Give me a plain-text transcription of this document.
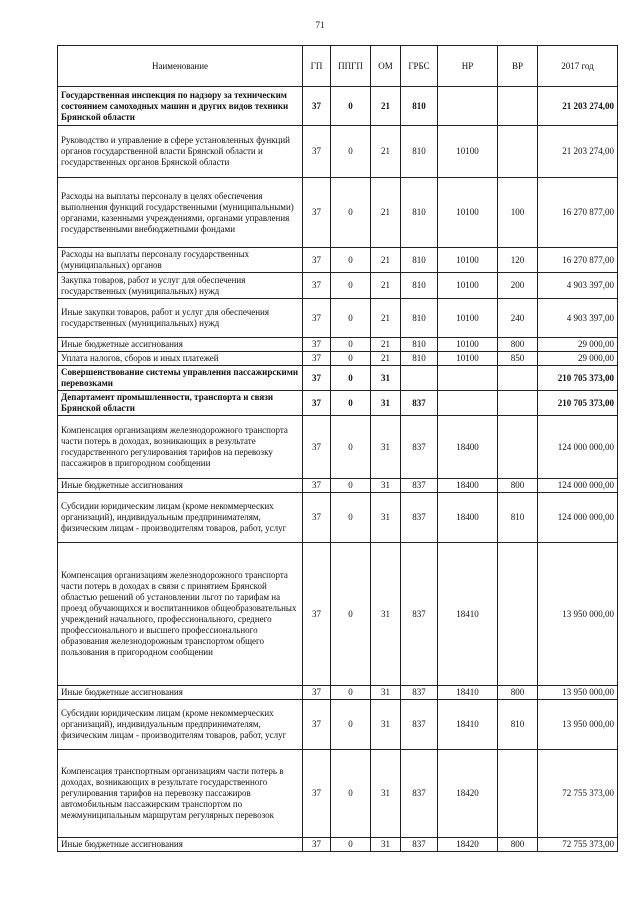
71
Наименование	ГП	ППГП	ОМ	ГРБС	НР	ВР	2017 год
Государственная инспекция по надзору за техническим состоянием самоходных машин и других видов техники Брянской области	37	0	21	810			21 203 274,00
Руководство и управление в сфере установленных функций органов государственной власти Брянской области и государственных органов Брянской области	37	0	21	810	10100		21 203 274,00
Расходы на выплаты персоналу в целях обеспечения выполнения функций государственными (муниципальными) органами, казенными учреждениями, органами управления государственными внебюджетными фондами	37	0	21	810	10100	100	16 270 877,00
Расходы на выплаты персоналу государственных (муниципальных) органов	37	0	21	810	10100	120	16 270 877,00
Закупка товаров, работ и услуг для обеспечения государственных (муниципальных) нужд	37	0	21	810	10100	200	4 903 397,00
Иные закупки товаров, работ и услуг для обеспечения государственных (муниципальных) нужд	37	0	21	810	10100	240	4 903 397,00
Иные бюджетные ассигнования	37	0	21	810	10100	800	29 000,00
Уплата налогов, сборов и иных платежей	37	0	21	810	10100	850	29 000,00
Совершенствование системы управления пассажирскими перевозками	37	0	31				210 705 373,00
Департамент промышленности, транспорта и связи Брянской области	37	0	31	837			210 705 373,00
Компенсация организациям железнодорожного транспорта части потерь в доходах, возникающих в результате государственного регулирования тарифов на перевозку пассажиров в пригородном сообщении	37	0	31	837	18400		124 000 000,00
Иные бюджетные ассигнования	37	0	31	837	18400	800	124 000 000,00
Субсидии юридическим лицам (кроме некоммерческих организаций), индивидуальным предпринимателям, физическим лицам - производителям товаров, работ, услуг	37	0	31	837	18400	810	124 000 000,00
Компенсация организациям железнодорожного транспорта части потерь в доходах в связи с принятием Брянской областью решений об установлении льгот по тарифам на проезд обучающихся и воспитанников общеобразовательных учреждений начального, профессионального, среднего профессионального и высшего профессионального образования железнодорожным транспортом общего пользования в пригородном сообщении	37	0	31	837	18410		13 950 000,00
Иные бюджетные ассигнования	37	0	31	837	18410	800	13 950 000,00
Субсидии юридическим лицам (кроме некоммерческих организаций), индивидуальным предпринимателям, физическим лицам - производителям товаров, работ, услуг	37	0	31	837	18410	810	13 950 000,00
Компенсация транспортным организациям части потерь в доходах, возникающих в результате государственного регулирования тарифов на перевозку пассажиров автомобильным пассажирским транспортом по межмуниципальным маршрутам регулярных перевозок	37	0	31	837	18420		72 755 373,00
Иные бюджетные ассигнования	37	0	31	837	18420	800	72 755 373,00
